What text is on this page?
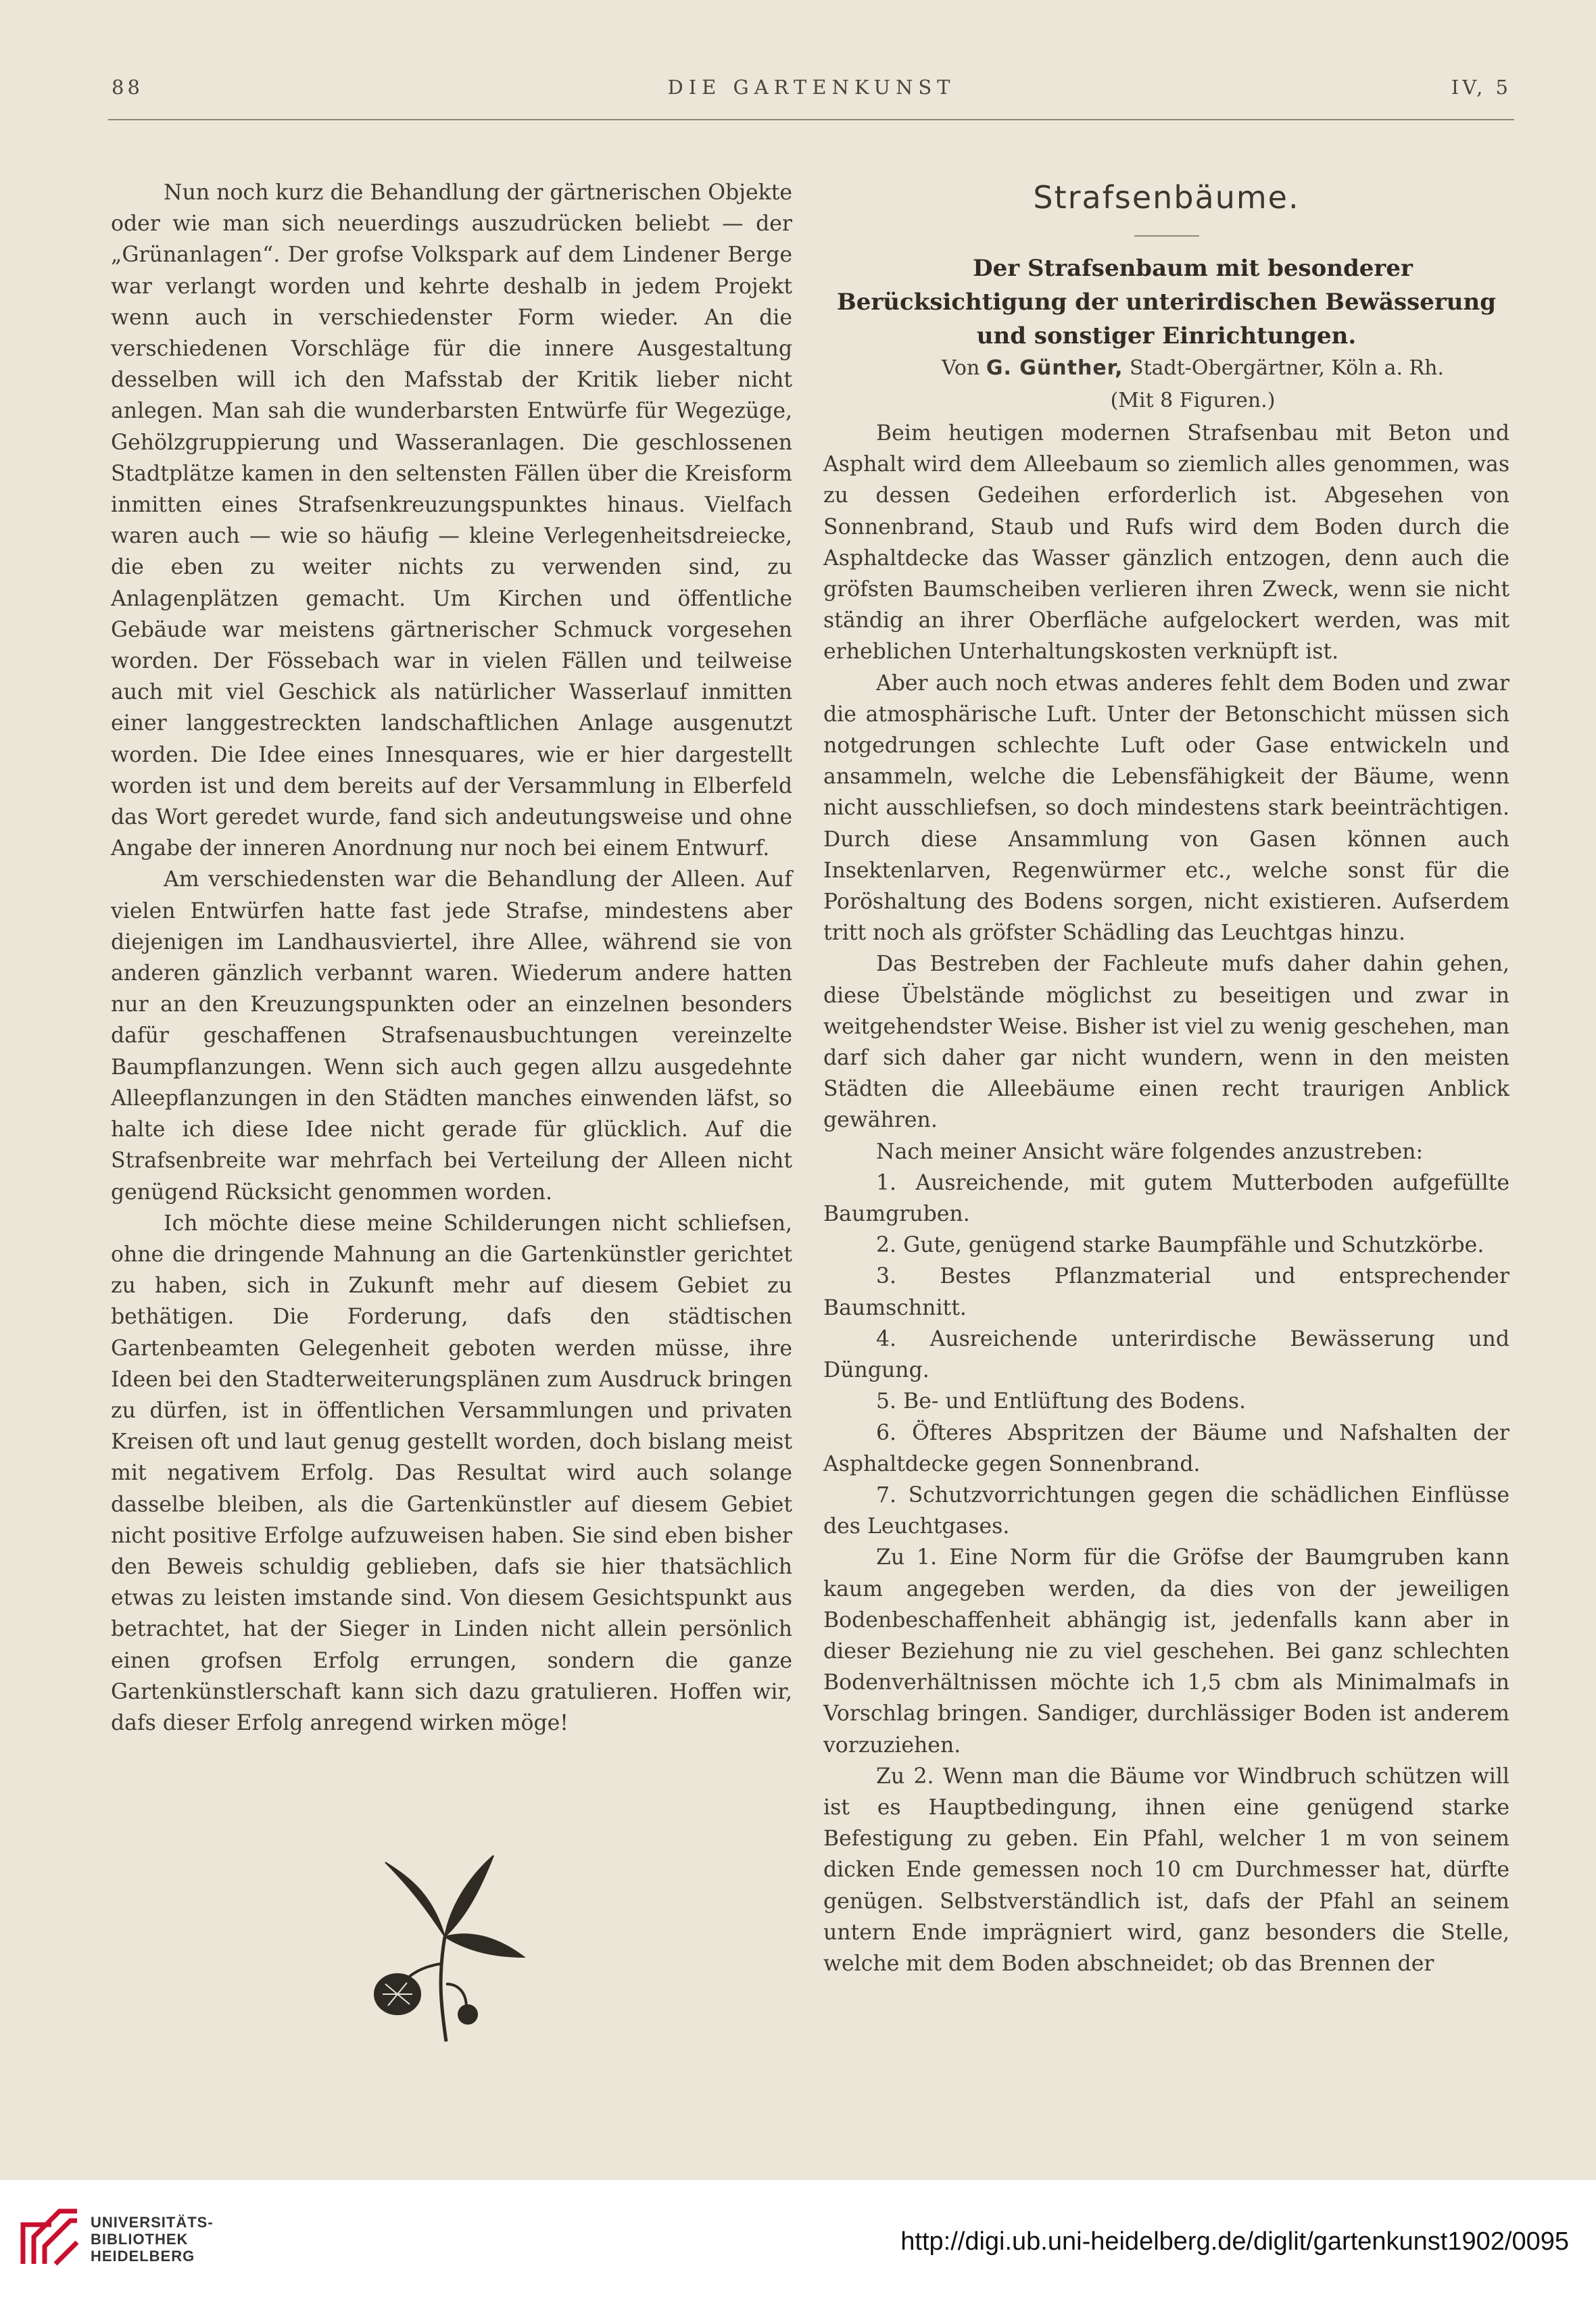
88	DIE GARTENKUNST	IV, 5

Nun noch kurz die Behandlung der gärtnerischen Objekte oder wie man sich neuerdings auszudrücken beliebt — der „Grünanlagen“. Der grofse Volkspark auf dem Lindener Berge war verlangt worden und kehrte deshalb in jedem Projekt wenn auch in verschiedenster Form wieder. An die verschiedenen Vorschläge für die innere Ausgestaltung desselben will ich den Mafsstab der Kritik lieber nicht anlegen. Man sah die wunderbarsten Entwürfe für Wegezüge, Gehölzgruppierung und Wasseranlagen. Die geschlossenen Stadtplätze kamen in den seltensten Fällen über die Kreisform inmitten eines Strafsenkreuzungspunktes hinaus. Vielfach waren auch — wie so häufig — kleine Verlegenheitsdreiecke, die eben zu weiter nichts zu verwenden sind, zu Anlagenplätzen gemacht. Um Kirchen und öffentliche Gebäude war meistens gärtnerischer Schmuck vorgesehen worden. Der Fössebach war in vielen Fällen und teilweise auch mit viel Geschick als natürlicher Wasserlauf inmitten einer langgestreckten landschaftlichen Anlage ausgenutzt worden. Die Idee eines Innesquares, wie er hier dargestellt worden ist und dem bereits auf der Versammlung in Elberfeld das Wort geredet wurde, fand sich andeutungsweise und ohne Angabe der inneren Anordnung nur noch bei einem Entwurf.

Am verschiedensten war die Behandlung der Alleen. Auf vielen Entwürfen hatte fast jede Strafse, mindestens aber diejenigen im Landhausviertel, ihre Allee, während sie von anderen gänzlich verbannt waren. Wiederum andere hatten nur an den Kreuzungspunkten oder an einzelnen besonders dafür geschaffenen Strafsenausbuchtungen vereinzelte Baumpflanzungen. Wenn sich auch gegen allzu ausgedehnte Alleepflanzungen in den Städten manches einwenden läfst, so halte ich diese Idee nicht gerade für glücklich. Auf die Strafsenbreite war mehrfach bei Verteilung der Alleen nicht genügend Rücksicht genommen worden.

Ich möchte diese meine Schilderungen nicht schliefsen, ohne die dringende Mahnung an die Gartenkünstler gerichtet zu haben, sich in Zukunft mehr auf diesem Gebiet zu bethätigen. Die Forderung, dafs den städtischen Gartenbeamten Gelegenheit geboten werden müsse, ihre Ideen bei den Stadterweiterungsplänen zum Ausdruck bringen zu dürfen, ist in öffentlichen Versammlungen und privaten Kreisen oft und laut genug gestellt worden, doch bislang meist mit negativem Erfolg. Das Resultat wird auch solange dasselbe bleiben, als die Gartenkünstler auf diesem Gebiet nicht positive Erfolge aufzuweisen haben. Sie sind eben bisher den Beweis schuldig geblieben, dafs sie hier thatsächlich etwas zu leisten imstande sind. Von diesem Gesichtspunkt aus betrachtet, hat der Sieger in Linden nicht allein persönlich einen grofsen Erfolg errungen, sondern die ganze Gartenkünstlerschaft kann sich dazu gratulieren. Hoffen wir, dafs dieser Erfolg anregend wirken möge!

Strafsenbäume.

Der Strafsenbaum mit besonderer Berücksichtigung der unterirdischen Bewässerung und sonstiger Einrichtungen.

Von G. Günther, Stadt-Obergärtner, Köln a. Rh.

(Mit 8 Figuren.)

Beim heutigen modernen Strafsenbau mit Beton und Asphalt wird dem Alleebaum so ziemlich alles genommen, was zu dessen Gedeihen erforderlich ist. Abgesehen von Sonnenbrand, Staub und Rufs wird dem Boden durch die Asphaltdecke das Wasser gänzlich entzogen, denn auch die gröfsten Baumscheiben verlieren ihren Zweck, wenn sie nicht ständig an ihrer Oberfläche aufgelockert werden, was mit erheblichen Unterhaltungskosten verknüpft ist.

Aber auch noch etwas anderes fehlt dem Boden und zwar die atmosphärische Luft. Unter der Betonschicht müssen sich notgedrungen schlechte Luft oder Gase entwickeln und ansammeln, welche die Lebensfähigkeit der Bäume, wenn nicht ausschliefsen, so doch mindestens stark beeinträchtigen. Durch diese Ansammlung von Gasen können auch Insektenlarven, Regenwürmer etc., welche sonst für die Poröshaltung des Bodens sorgen, nicht existieren. Aufserdem tritt noch als gröfster Schädling das Leuchtgas hinzu.

Das Bestreben der Fachleute mufs daher dahin gehen, diese Übelstände möglichst zu beseitigen und zwar in weitgehendster Weise. Bisher ist viel zu wenig geschehen, man darf sich daher gar nicht wundern, wenn in den meisten Städten die Alleebäume einen recht traurigen Anblick gewähren.

Nach meiner Ansicht wäre folgendes anzustreben:

1. Ausreichende, mit gutem Mutterboden aufgefüllte Baumgruben.

2. Gute, genügend starke Baumpfähle und Schutzkörbe.

3. Bestes Pflanzmaterial und entsprechender Baumschnitt.

4. Ausreichende unterirdische Bewässerung und Düngung.

5. Be- und Entlüftung des Bodens.

6. Öfteres Abspritzen der Bäume und Nafshalten der Asphaltdecke gegen Sonnenbrand.

7. Schutzvorrichtungen gegen die schädlichen Einflüsse des Leuchtgases.

Zu 1. Eine Norm für die Gröfse der Baumgruben kann kaum angegeben werden, da dies von der jeweiligen Bodenbeschaffenheit abhängig ist, jedenfalls kann aber in dieser Beziehung nie zu viel geschehen. Bei ganz schlechten Bodenverhältnissen möchte ich 1,5 cbm als Minimalmafs in Vorschlag bringen. Sandiger, durchlässiger Boden ist anderem vorzuziehen.

Zu 2. Wenn man die Bäume vor Windbruch schützen will ist es Hauptbedingung, ihnen eine genügend starke Befestigung zu geben. Ein Pfahl, welcher 1 m von seinem dicken Ende gemessen noch 10 cm Durchmesser hat, dürfte genügen. Selbstverständlich ist, dafs der Pfahl an seinem untern Ende imprägniert wird, ganz besonders die Stelle, welche mit dem Boden abschneidet; ob das Brennen der

UNIVERSITÄTS-
BIBLIOTHEK
HEIDELBERG
http://digi.ub.uni-heidelberg.de/diglit/gartenkunst1902/0095
